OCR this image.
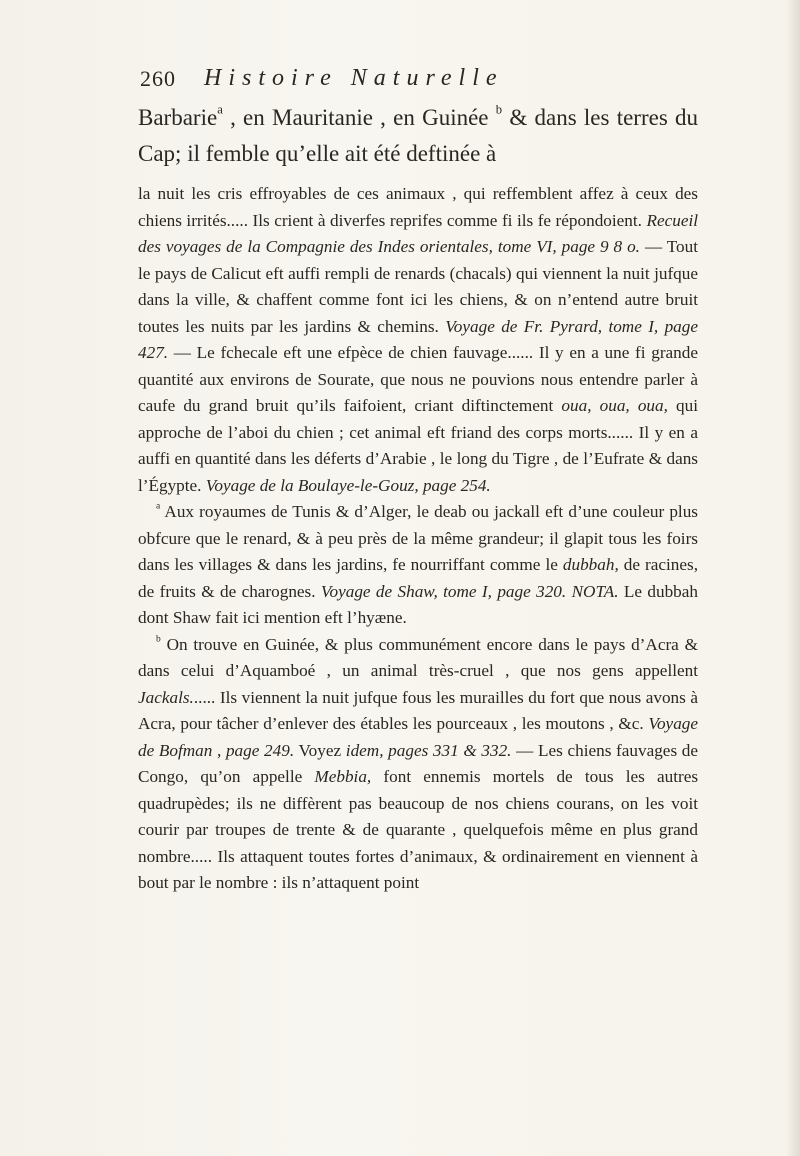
260 Histoire Naturelle

Barbarie$^a$ , en Mauritanie , en Guinée $^b$ & dans les terres du Cap; il femble qu’elle ait été deftinée à

la nuit les cris effroyables de ces animaux , qui reffemblent affez à ceux des chiens irrités..... Ils crient à diverfes reprifes comme fi ils fe répondoient. Recueil des voyages de la Compagnie des Indes orientales, tome VI, page 9 8 o. — Tout le pays de Calicut eft auffi rempli de renards (chacals) qui viennent la nuit jufque dans la ville, & chaffent comme font ici les chiens, & on n’entend autre bruit toutes les nuits par les jardins & chemins. Voyage de Fr. Pyrard, tome I, page 427. — Le fchecale eft une efpèce de chien fauvage...... Il y en a une fi grande quantité aux environs de Sourate, que nous ne pouvions nous entendre parler à caufe du grand bruit qu’ils faifoient, criant diftinctement oua, oua, oua, qui approche de l’aboi du chien ; cet animal eft friand des corps morts...... Il y en a auffi en quantité dans les déferts d’Arabie , le long du Tigre , de l’Eufrate & dans l’Égypte. Voyage de la Boulaye-le-Gouz, page 254.

$^a$ Aux royaumes de Tunis & d’Alger, le deab ou jackall eft d’une couleur plus obfcure que le renard, & à peu près de la même grandeur; il glapit tous les foirs dans les villages & dans les jardins, fe nourriffant comme le dubbah, de racines, de fruits & de charognes. Voyage de Shaw, tome I, page 320. NOTA. Le dubbah dont Shaw fait ici mention eft l’hyæne.

$^b$ On trouve en Guinée, & plus communément encore dans le pays d’Acra & dans celui d’Aquamboé , un animal très-cruel , que nos gens appellent Jackals...... Ils viennent la nuit jufque fous les murailles du fort que nous avons à Acra, pour tâcher d’enlever des étables les pourceaux , les moutons , &c. Voyage de Bofman , page 249. Voyez idem, pages 331 & 332. — Les chiens fauvages de Congo, qu’on appelle Mebbia, font ennemis mortels de tous les autres quadrupèdes; ils ne diffèrent pas beaucoup de nos chiens courans, on les voit courir par troupes de trente & de quarante , quelquefois même en plus grand nombre..... Ils attaquent toutes fortes d’animaux, & ordinairement en viennent à bout par le nombre : ils n’attaquent point
